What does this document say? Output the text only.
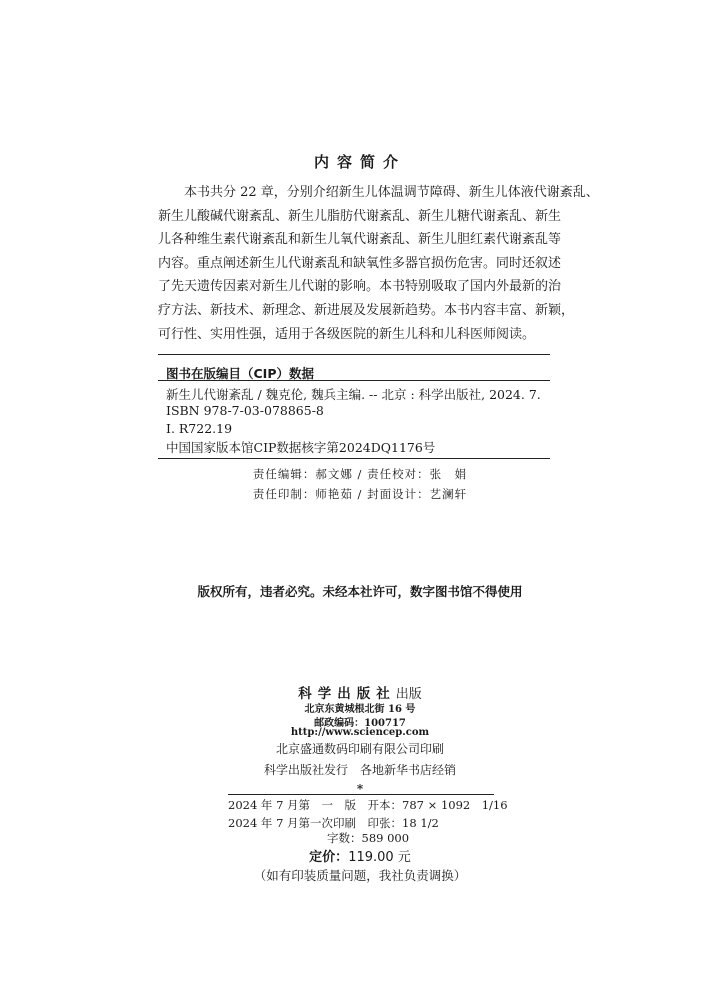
内容简介
本书共分 22 章，分别介绍新生儿体温调节障碍、新生儿体液代谢紊乱、
新生儿酸碱代谢紊乱、新生儿脂肪代谢紊乱、新生儿糖代谢紊乱、新生
儿各种维生素代谢紊乱和新生儿氧代谢紊乱、新生儿胆红素代谢紊乱等
内容。重点阐述新生儿代谢紊乱和缺氧性多器官损伤危害。同时还叙述
了先天遗传因素对新生儿代谢的影响。本书特别吸取了国内外最新的治
疗方法、新技术、新理念、新进展及发展新趋势。本书内容丰富、新颖，
可行性、实用性强，适用于各级医院的新生儿科和儿科医师阅读。
图书在版编目（CIP）数据
新生儿代谢紊乱 / 魏克伦, 魏兵主编. -- 北京 : 科学出版社, 2024. 7.
ISBN 978-7-03-078865-8
Ⅰ. R722.19
中国国家版本馆CIP数据核字第2024DQ1176号
责任编辑：郝文娜 / 责任校对：张　娟
责任印制：师艳茹 / 封面设计：艺澜轩
版权所有，违者必究。未经本社许可，数字图书馆不得使用
科学出版社出版
北京东黄城根北街 16 号
邮政编码：100717
http://www.sciencep.com
北京盛通数码印刷有限公司印刷
科学出版社发行　各地新华书店经销
*
2024 年 7 月第　一　版　开本：787 × 1092　1/16
2024 年 7 月第一次印刷　印张：18 1/2
字数：589 000
定价：119.00 元
（如有印装质量问题，我社负责调换）
